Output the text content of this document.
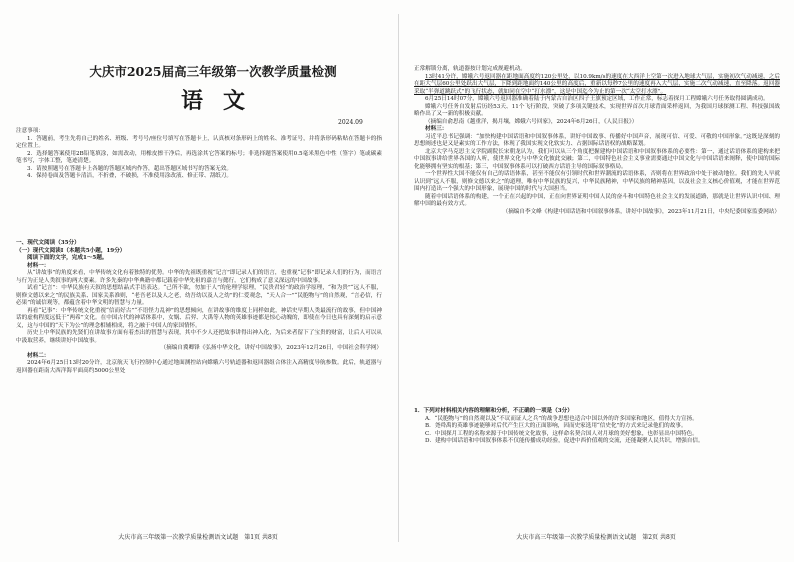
大庆市2025届高三年级第一次教学质量检测
语文
2024.09

注意事项：

1．答题前，考生先将自己的姓名、班级、考号号/座位号填写在答题卡上，认真核对条形码上的姓名、准考证号，并将条形码粘贴在答题卡的指定位置上。

2．选择题答案使用2B铅笔填涂，如需改动，用橡皮擦干净后，再选涂其它答案的标号；非选择题答案使用0.5毫米黑色中性（签字）笔或碳素笔书写，字体工整，笔迹清楚。

3．请按照题号在答题卡上各题的答题区域内作答，超出答题区域书写的答案无效。

4．保持卷面及答题卡清洁，不折叠，不破损，不准使用涂改液、修正带、刮纸刀。

一、现代文阅读（35分）

（一）现代文阅读Ⅰ（本题共5小题，19分）

阅读下面的文字，完成1～5题。

材料一：

从“讲故事”的角度来看，中华传统文化有着独特的优势。中华的先祖既重视“记言”即记录人们的语言，也重视“记事”即记录人们的行为，而语言与行为正是人类叙事的两大要素。许多先秦的中华典籍中都记载着中华先祖的嘉言与懿行，它们构成了意义深远的中国故事。

试看“记言”：中华民族有天叙的思想结晶式手语表达。“己所不欲，勿加于人”的伦理学原理，“民贵君轻”的政治学原理，“和为贵”“远人不服，则修文德以来之”的民族关系、国家关系准则，“老吾老以及人之老，幼吾幼以及人之幼”的仁爱观念，“天人合一”“民胞物与”的自然观，“言必信，行必果”的诚信观等，都蕴含着中华文明的智慧与力量。

再看“记事”：中华传统文化重视“信而好古”“不语怪力乱神”的思想倾向，在讲故事的维度上同样如此，神话史早期人类最流行的故事，但中国神话的虚构程度远低于“两希”文化。在中国古代的神话体系中，女娲、后羿、大禹等人物的英雄事迹都是惊心动魄的，即使在今日也具有深刻的启示意义，这与中国的“天下为公”的理念相辅相成，将之融于中国人的家国情怀。

历史上中华民族的先贤们在讲故事方面有着杰出的智慧与表现，其中不少人还把故事讲得出神入化，为后来者留下了宝贵的财富，让后人可以从中汲取营养，继续讲好中国故事。

（摘编自冀卿锋《弘扬中华文化，讲好中国故事》，2023年12月26日，中国社会科学网）

材料二：

2024年6月25日13时20分许，北京航天飞行控制中心通过地面测控站向嫦娥六号轨道器和返回器组合体注入高精度导航参数。此后，轨道器与返回器在距南大西洋海平面高约5000公里处

大庆市高三年级第一次教学质量检测语文试题　第1页 共8页

正常解锁分离，轨道器按计划完成规避机动。

13时41分许，嫦娥六号返回器在距地面高度约120公里处，以10.9km/s的速度在大西洋上空第一次进入地球大气层，实施初次气动减速，之后在距大气层60公里处跃出大气层，下降到距地面约140公里的高度后，重新以每秒7公里的速度再入大气层，实施二次气动减速，直至降落。返回器采取“半弹道跳跃式”的飞行状态，就如同在空中“打水漂”，这是中国迄今为止的第一次“太空打水漂”。

6月25日14时07分，嫦娥六号返回器准确着陆于内蒙古自治区四子王旗预定区域，工作正常，标志着探月工程嫦娥六号任务取得圆满成功。

嫦娥六号任务自发射后历经53天、11个飞行阶段，突破了多项关键技术，实现世界首次月球背面采样返回，为我国月球探测工程、科技强国战略作出了又一新的积极贡献。

（摘编自俞思南《越重洋，揭月壤，嫦娥六号回家》，2024年6月26日，《人民日报》）

材料三：

习近平总书记强调：“加快构建中国话语和中国叙事体系，讲好中国故事、传播好中国声音，展现可信、可爱、可敬的中国形象。”这既是深刻的思想阐述也是又是素实的工作方法，体现了我国实现文化软实力、占据国际话语权的战略谋划。

北京大学马克思主义学院副院长宋朝龙认为，我们可以从三个角度把握建构中国话语和中国叙事体系的必要性：第一，通过话语体系的建构来把中国叙事讲给世界各国的人听，使世界文化与中华文化彼此交融；第二，中国特色社会主义事业需要通过中国文化与中国话语来阐释，使中国的国际化能够拥有坚实的根基；第三，中国叙事体系可以打破西方话语主导的国际叙事格局。

一个世界性大国不能仅有自己的话语体系，甚至不能仅有引领时代和世界潮流的话语体系，否则将在世界政治中处于被动地位。我们的先人早就认识到“远人不服，则修文德以来之”的道理，唯有中华民族的复兴，中华民族精神，中华民族的精神基因，以及社会主义核心价值观，才能在世界范围内打造出一个强大的中国形象，展现中国的时代与大国担当。

随着中国话语体系的构建，一个正在兴起的中国，正在向世界证明中国人民的奋斗和中国特色社会主义的发展道路，那就是让世界认识中国、理解中国的最有效方式。

（摘编自李文峰《构建中国话语和中国叙事体系，讲好中国故事》，2023年11月21日，中央纪委国家监委网站）

1．下列对材料相关内容的理解和分析，不正确的一项是（3分）

A．“民胞物与”的自然观以及“不议而证人之兵”的战争思想也适合中国以外的许多国家和地区，值得大力宣扬。

B．尧舜禹的英雄事迹能够对后代产生巨大的正面影响，因而史家选用“信史化”的方式来记录他们的故事。

C．中国探月工程的名称来源于中国传统文化故事，这样命名契合国人对月球的美好想象，也彰显出中国特色。

D．建构中国话语和中国叙事体系不仅能传播成功经验，促进中西价值观的交流，还能凝聚人民共识，增强自信。

大庆市高三年级第一次教学质量检测语文试题　第2页 共8页
